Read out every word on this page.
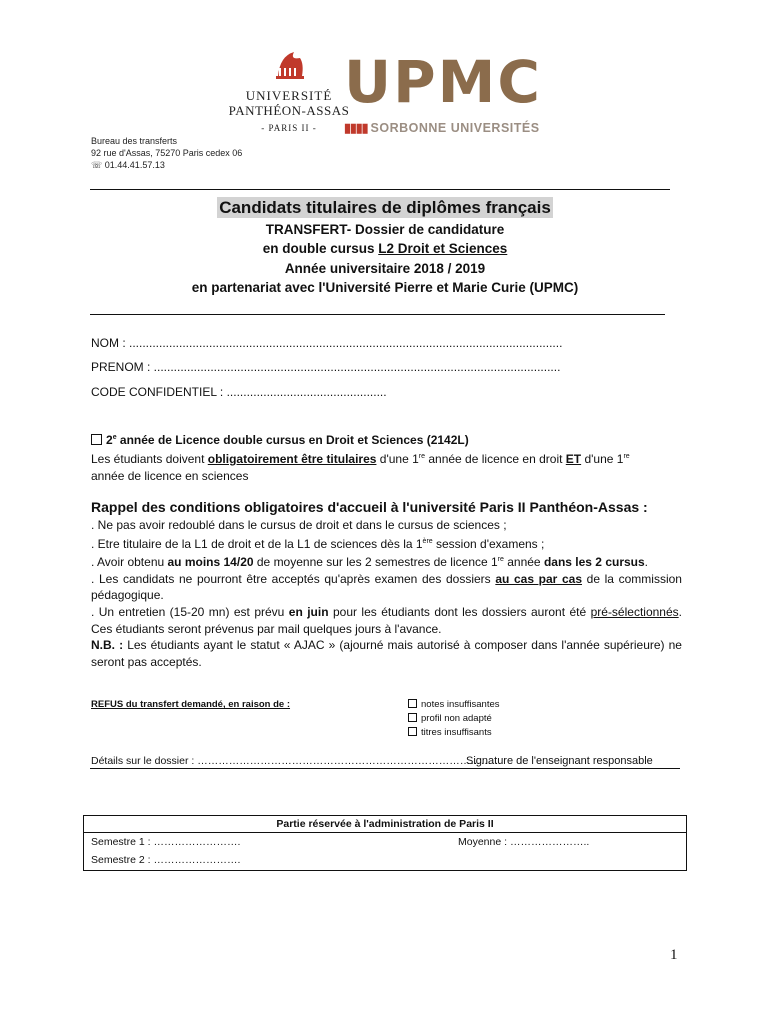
UNIVERSITÉ
PANTHÉON-ASSAS
- PARIS II -
UPMC
▮▮▮▮ SORBONNE UNIVERSITÉS
Bureau des transferts
92 rue d'Assas, 75270 Paris cedex 06
☏ 01.44.41.57.13
Candidats titulaires de diplômes français
TRANSFERT- Dossier de candidature
en double cursus L2 Droit et Sciences
Année universitaire 2018 / 2019
en partenariat avec l'Université Pierre et Marie Curie (UPMC)
NOM : ..................................................................................................................................
PRENOM : ..........................................................................................................................
CODE CONFIDENTIEL : ................................................
2e année de Licence double cursus en Droit et Sciences (2142L)
Les étudiants doivent obligatoirement être titulaires d'une 1re année de licence en droit ET d'une 1re
année de licence en sciences
Rappel des conditions obligatoires d'accueil à l'université Paris II Panthéon-Assas :
. Ne pas avoir redoublé dans le cursus de droit et dans le cursus de sciences ;
. Etre titulaire de la L1 de droit et de la L1 de sciences dès la 1ère session d'examens ;
. Avoir obtenu au moins 14/20 de moyenne sur les 2 semestres de licence 1re année dans les 2 cursus.
. Les candidats ne pourront être acceptés qu'après examen des dossiers au cas par cas de la commission pédagogique.
. Un entretien (15-20 mn) est prévu en juin pour les étudiants dont les dossiers auront été pré-sélectionnés. Ces étudiants seront prévenus par mail quelques jours à l'avance.
N.B. : Les étudiants ayant le statut « AJAC » (ajourné mais autorisé à composer dans l'année supérieure) ne seront pas acceptés.
REFUS du transfert demandé, en raison de :	notes insuffisantes
profil non adapté
titres insuffisants
Détails sur le dossier : ……………………………………………………………………………
Signature de l'enseignant responsable
Partie réservée à l'administration de Paris II
Semestre 1 : …………………….	Moyenne : …………………..
Semestre 2 : …………………….
1
